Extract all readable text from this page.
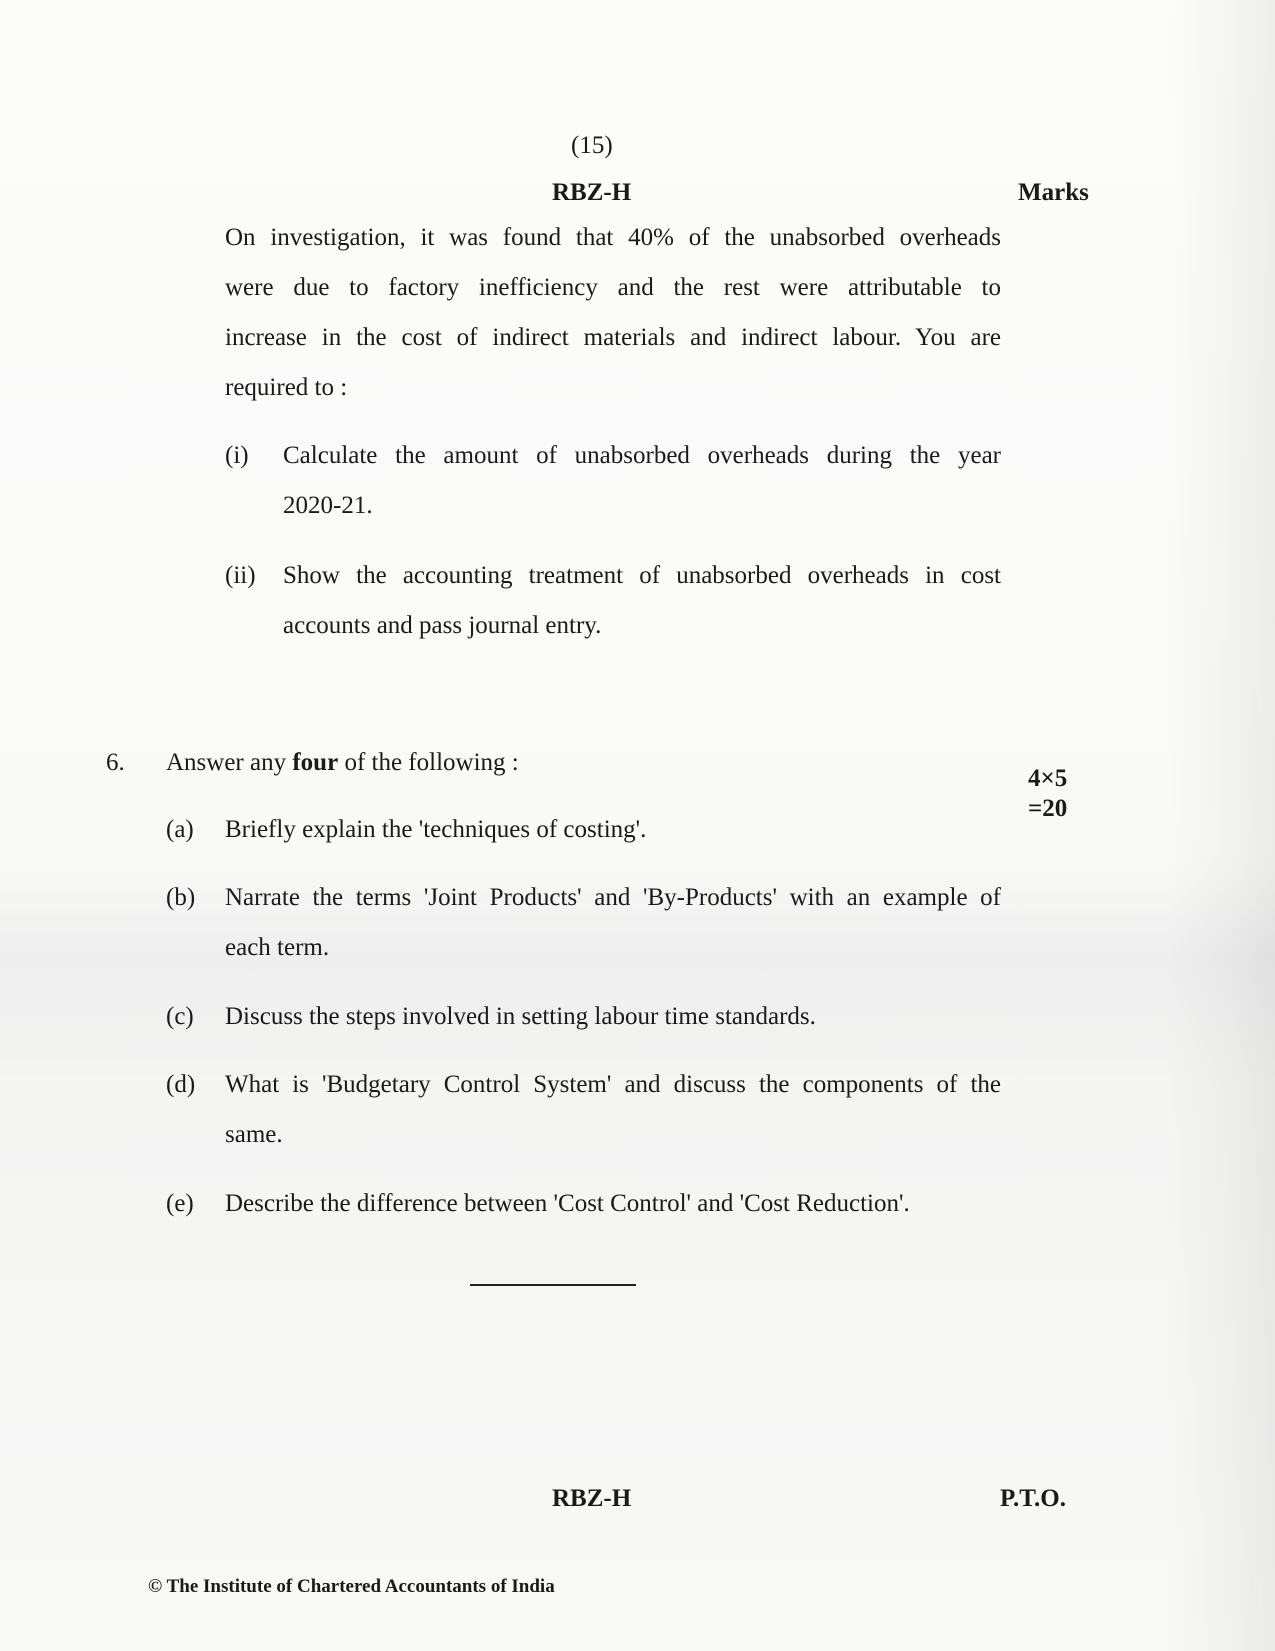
(15)
RBZ-H	Marks
On investigation, it was found that 40% of the unabsorbed overheads
were due to factory inefficiency and the rest were attributable to
increase in the cost of indirect materials and indirect labour. You are
required to :
(i) Calculate the amount of unabsorbed overheads during the year
2020-21.
(ii) Show the accounting treatment of unabsorbed overheads in cost
accounts and pass journal entry.
6. Answer any four of the following :
4×5
=20
(a) Briefly explain the 'techniques of costing'.
(b) Narrate the terms 'Joint Products' and 'By-Products' with an example of
each term.
(c) Discuss the steps involved in setting labour time standards.
(d) What is 'Budgetary Control System' and discuss the components of the
same.
(e) Describe the difference between 'Cost Control' and 'Cost Reduction'.
RBZ-H	P.T.O.
© The Institute of Chartered Accountants of India
